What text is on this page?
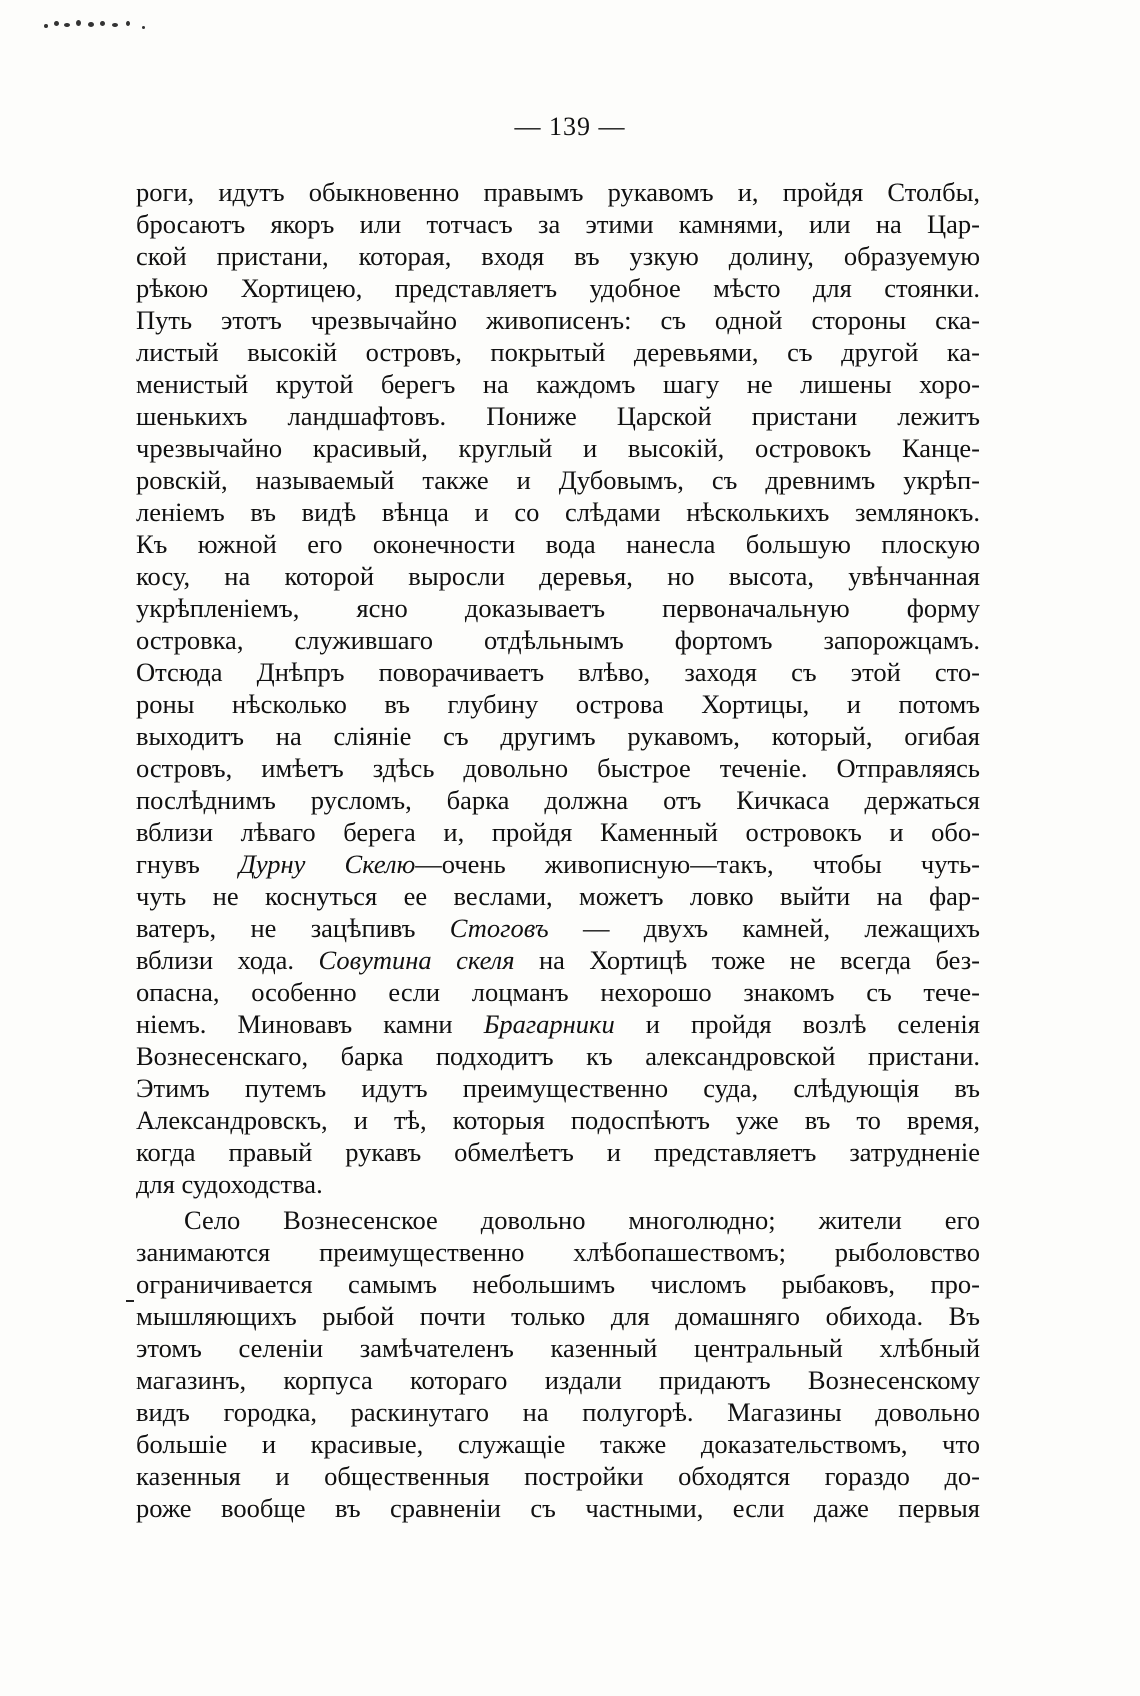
— 139 —
роги, идутъ обыкновенно правымъ рукавомъ и, пройдя Столбы,
бросаютъ якоръ или тотчасъ за этими камнями, или на Цар-
ской пристани, которая, входя въ узкую долину, образуемую
рѣкою Хортицею, представляетъ удобное мѣсто для стоянки.
Путь этотъ чрезвычайно живописенъ: съ одной стороны ска-
листый высокій островъ, покрытый деревьями, съ другой ка-
менистый крутой берегъ на каждомъ шагу не лишены хоро-
шенькихъ ландшафтовъ. Пониже Царской пристани лежитъ
чрезвычайно красивый, круглый и высокій, островокъ Канце-
ровскій, называемый также и Дубовымъ, съ древнимъ укрѣп-
леніемъ въ видѣ вѣнца и со слѣдами нѣсколькихъ землянокъ.
Къ южной его оконечности вода нанесла большую плоскую
косу, на которой выросли деревья, но высота, увѣнчанная
укрѣпленіемъ, ясно доказываетъ первоначальную форму
островка, служившаго отдѣльнымъ фортомъ запорожцамъ.
Отсюда Днѣпръ поворачиваетъ влѣво, заходя съ этой сто-
роны нѣсколько въ глубину острова Хортицы, и потомъ
выходитъ на сліяніе съ другимъ рукавомъ, который, огибая
островъ, имѣетъ здѣсь довольно быстрое теченіе. Отправляясь
послѣднимъ русломъ, барка должна отъ Кичкаса держаться
вблизи лѣваго берега и, пройдя Каменный островокъ и обо-
гнувъ Дурну Скелю—очень живописную—такъ, чтобы чуть-
чуть не коснуться ее веслами, можетъ ловко выйти на фар-
ватеръ, не зацѣпивъ Стоговъ — двухъ камней, лежащихъ
вблизи хода. Совутина скеля на Хортицѣ тоже не всегда без-
опасна, особенно если лоцманъ нехорошо знакомъ съ тече-
ніемъ. Миновавъ камни Брагарники и пройдя возлѣ селенія
Вознесенскаго, барка подходитъ къ александровской пристани.
Этимъ путемъ идутъ преимущественно суда, слѣдующія въ
Александровскъ, и тѣ, которыя подоспѣютъ уже въ то время,
когда правый рукавъ обмелѣетъ и представляетъ затрудненіе
для судоходства.
Село Вознесенское довольно многолюдно; жители его
занимаются преимущественно хлѣбопашествомъ; рыболовство
ограничивается самымъ небольшимъ числомъ рыбаковъ, про-
мышляющихъ рыбой почти только для домашняго обихода. Въ
этомъ селеніи замѣчателенъ казенный центральный хлѣбный
магазинъ, корпуса котораго издали придаютъ Вознесенскому
видъ городка, раскинутаго на полугорѣ. Магазины довольно
большіе и красивые, служащіе также доказательствомъ, что
казенныя и общественныя постройки обходятся гораздо до-
роже вообще въ сравненіи съ частными, если даже первыя
